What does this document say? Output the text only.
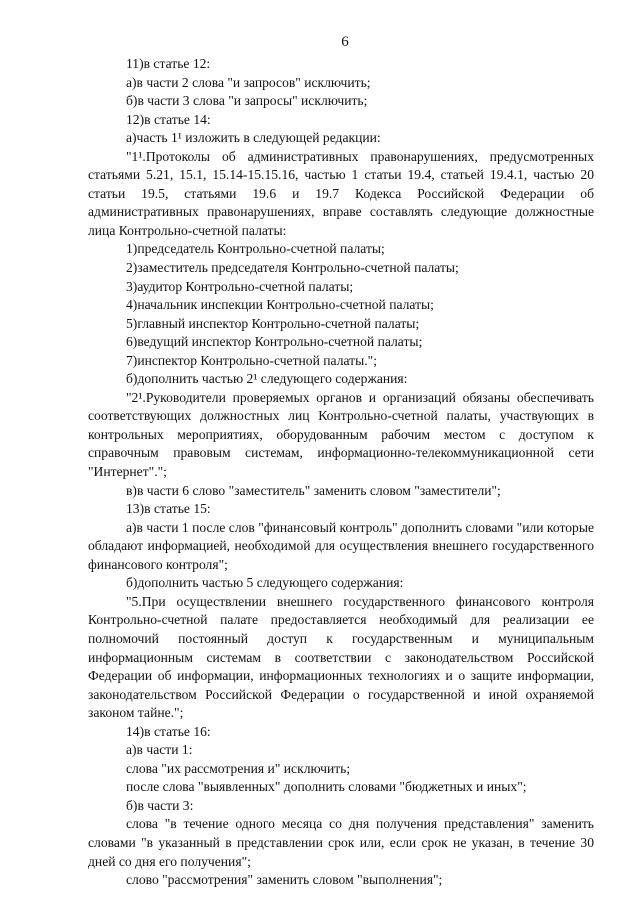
6

11)в статье 12:

а)в части 2 слова "и запросов" исключить;

б)в части 3 слова "и запросы" исключить;

12)в статье 14:

а)часть 1¹ изложить в следующей редакции:

"1¹.Протоколы об административных правонарушениях, предусмотренных статьями 5.21, 15.1, 15.14-15.15.16, частью 1 статьи 19.4, статьей 19.4.1, частью 20 статьи 19.5, статьями 19.6 и 19.7 Кодекса Российской Федерации об административных правонарушениях, вправе составлять следующие должностные лица Контрольно-счетной палаты:

1)председатель Контрольно-счетной палаты;

2)заместитель председателя Контрольно-счетной палаты;

3)аудитор Контрольно-счетной палаты;

4)начальник инспекции Контрольно-счетной палаты;

5)главный инспектор Контрольно-счетной палаты;

6)ведущий инспектор Контрольно-счетной палаты;

7)инспектор Контрольно-счетной палаты.";

б)дополнить частью 2¹ следующего содержания:

"2¹.Руководители проверяемых органов и организаций обязаны обеспечивать соответствующих должностных лиц Контрольно-счетной палаты, участвующих в контрольных мероприятиях, оборудованным рабочим местом с доступом к справочным правовым системам, информационно-телекоммуникационной сети "Интернет".";

в)в части 6 слово "заместитель" заменить словом "заместители";

13)в статье 15:

а)в части 1 после слов "финансовый контроль" дополнить словами "или которые обладают информацией, необходимой для осуществления внешнего государственного финансового контроля";

б)дополнить частью 5 следующего содержания:

"5.При осуществлении внешнего государственного финансового контроля Контрольно-счетной палате предоставляется необходимый для реализации ее полномочий постоянный доступ к государственным и муниципальным информационным системам в соответствии с законодательством Российской Федерации об информации, информационных технологиях и о защите информации, законодательством Российской Федерации о государственной и иной охраняемой законом тайне.";

14)в статье 16:

а)в части 1:

слова "их рассмотрения и" исключить;

после слова "выявленных" дополнить словами "бюджетных и иных";

б)в части 3:

слова "в течение одного месяца со дня получения представления" заменить словами "в указанный в представлении срок или, если срок не указан, в течение 30 дней со дня его получения";

слово "рассмотрения" заменить словом "выполнения";
